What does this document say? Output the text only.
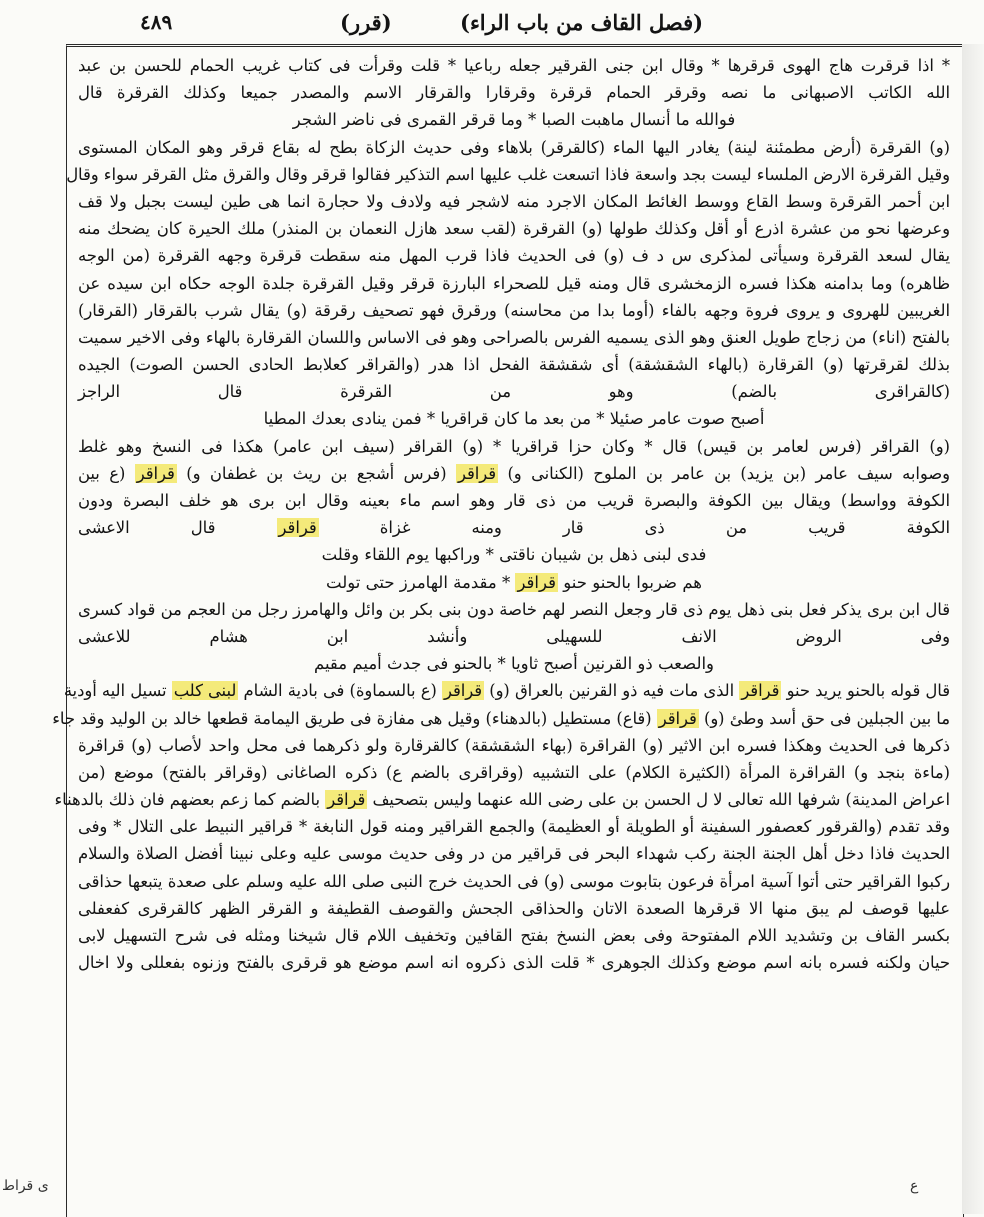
٤٨٩	(قرر)	(فصل القاف من باب الراء)
* اذا قرقرت هاج الهوى قرقرها * وقال ابن جنى القرقير جعله رباعيا * قلت وقرأت فى كتاب غريب الحمام للحسن بن عبد
الله الكاتب الاصبهانى ما نصه وقرقر الحمام قرقرة وقرقارا والقرقار الاسم والمصدر جميعا وكذلك القرقرة قال
فوالله ما أنسال ماهبت الصبا * وما قرقر القمرى فى ناضر الشجر
(و) القرقرة (أرض مطمئنة لينة) يغادر اليها الماء (كالقرقر) بلاهاء وفى حديث الزكاة بطح له بقاع قرقر وهو المكان المستوى
وقيل القرقرة الارض الملساء ليست بجد واسعة فاذا اتسعت غلب عليها اسم التذكير فقالوا قرقر وقال والقرق مثل القرقر سواء وقال
ابن أحمر القرقرة وسط القاع ووسط الغائط المكان الاجرد منه لاشجر فيه ولادف ولا حجارة انما هى طين ليست بجبل ولا قف
وعرضها نحو من عشرة اذرع أو أقل وكذلك طولها (و) القرقرة (لقب سعد هازل النعمان بن المنذر) ملك الحيرة كان يضحك منه
يقال لسعد القرقرة وسيأتى لمذكرى س د ف (و) فى الحديث فاذا قرب المهل منه سقطت قرقرة وجهه القرقرة (من الوجه
ظاهره) وما بدامنه هكذا فسره الزمخشرى قال ومنه قيل للصحراء البارزة قرقر وقيل القرقرة جلدة الوجه حكاه ابن سيده عن
الغريبين للهروى و يروى فروة وجهه بالفاء (أوما بدا من محاسنه) ورقرق فهو تصحيف رقرقة (و) يقال شرب بالقرقار (القرقار)
بالفتح (اناء) من زجاج طويل العنق وهو الذى يسميه الفرس بالصراحى وهو فى الاساس واللسان القرقارة بالهاء وفى الاخير سميت
بذلك لقرقرتها (و) القرقارة (بالهاء الشقشقة) أى شقشقة الفحل اذا هدر (والقراقر كعلابط الحادى الحسن الصوت) الجيده
(كالقراقرى بالضم) وهو من القرقرة قال الراجز
أصبح صوت عامر صئيلا * من بعد ما كان قراقريا * فمن ينادى بعدك المطيا
(و) القراقر (فرس لعامر بن قيس) قال * وكان حزا قراقريا * (و) القراقر (سيف ابن عامر) هكذا فى النسخ وهو غلط
وصوابه سيف عامر (بن يزيد) بن عامر بن الملوح (الكنانى و) قراقر (فرس أشجع بن ريث بن غطفان و) قراقر (ع بين
الكوفة وواسط) ويقال بين الكوفة والبصرة قريب من ذى قار وهو اسم ماء بعينه وقال ابن برى هو خلف البصرة ودون
الكوفة قريب من ذى قار ومنه غزاة قراقر قال الاعشى
فدى لبنى ذهل بن شيبان ناقتى * وراكبها يوم اللقاء وقلت
هم ضربوا بالحنو حنو قراقر * مقدمة الهامرز حتى تولت
قال ابن برى يذكر فعل بنى ذهل يوم ذى قار وجعل النصر لهم خاصة دون بنى بكر بن وائل والهامرز رجل من العجم من قواد كسرى
وفى الروض الانف للسهيلى وأنشد ابن هشام للاعشى
والصعب ذو القرنين أصبح ثاويا * بالحنو فى جدث أميم مقيم
قال قوله بالحنو يريد حنو قراقر الذى مات فيه ذو القرنين بالعراق (و) قراقر (ع بالسماوة) فى بادية الشام لبنى كلب تسيل اليه أودية
ما بين الجبلين فى حق أسد وطئ (و) قراقر (قاع) مستطيل (بالدهناء) وقيل هى مفازة فى طريق اليمامة قطعها خالد بن الوليد وقد جاء
ذكرها فى الحديث وهكذا فسره ابن الاثير (و) القراقرة (بهاء الشقشقة) كالقرقارة ولو ذكرهما فى محل واحد لأصاب (و) قراقرة
(ماءة بنجد و) القراقرة المرأة (الكثيرة الكلام) على التشبيه (وقراقرى بالضم ع) ذكره الصاغانى (وقراقر بالفتح) موضع (من
اعراض المدينة) شرفها الله تعالى لا ل الحسن بن على رضى الله عنهما وليس بتصحيف قراقر بالضم كما زعم بعضهم فان ذلك بالدهناء
وقد تقدم (والقرقور كعصفور السفينة أو الطويلة أو العظيمة) والجمع القراقير ومنه قول النابغة * قراقير النبيط على التلال * وفى
الحديث فاذا دخل أهل الجنة الجنة ركب شهداء البحر فى قراقير من در وفى حديث موسى عليه وعلى نبينا أفضل الصلاة والسلام
ركبوا القراقير حتى أتوا آسية امرأة فرعون بتابوت موسى (و) فى الحديث خرج النبى صلى الله عليه وسلم على صعدة يتبعها حذاقى
عليها قوصف لم يبق منها الا قرقرها الصعدة الاتان والحذاقى الجحش والقوصف القطيفة و القرقر الظهر كالقرقرى كفعفلى
بكسر القاف بن وتشديد اللام المفتوحة وفى بعض النسخ بفتح القافين وتخفيف اللام قال شيخنا ومثله فى شرح التسهيل لابى
حيان ولكنه فسره بانه اسم موضع وكذلك الجوهرى * قلت الذى ذكروه انه اسم موضع هو قرقرى بالفتح وزنوه بفعللى ولا اخال
ع
ى قراط
